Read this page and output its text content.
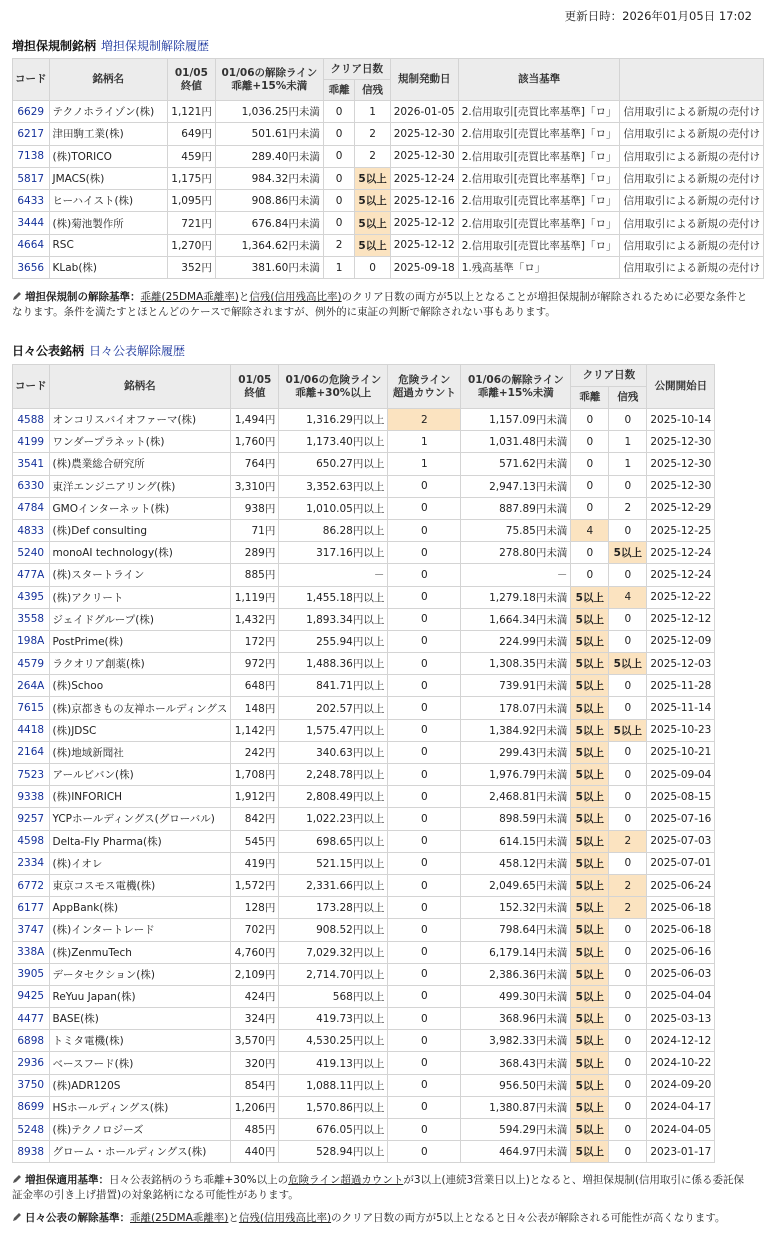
更新日時：2026年01月05日 17:02
増担保規制銘柄 増担保規制解除履歴
コード	銘柄名	01/05
終値	01/06の解除ライン
乖離+15%未満	クリア日数		規制発動日	該当基準	
				乖離	信残			
6629	テクノホライゾン(株)	1,121円	1,036.25円未満	0	1	2026-01-05	2.信用取引[売買比率基準]「ロ」	信用取引による新規の売付け
6217	津田駒工業(株)	649円	501.61円未満	0	2	2025-12-30	2.信用取引[売買比率基準]「ロ」	信用取引による新規の売付け
7138	(株)TORICO	459円	289.40円未満	0	2	2025-12-30	2.信用取引[売買比率基準]「ロ」	信用取引による新規の売付け
5817	JMACS(株)	1,175円	984.32円未満	0	5以上	2025-12-24	2.信用取引[売買比率基準]「ロ」	信用取引による新規の売付け
6433	ヒーハイスト(株)	1,095円	908.86円未満	0	5以上	2025-12-16	2.信用取引[売買比率基準]「ロ」	信用取引による新規の売付け
3444	(株)菊池製作所	721円	676.84円未満	0	5以上	2025-12-12	2.信用取引[売買比率基準]「ロ」	信用取引による新規の売付け
4664	RSC	1,270円	1,364.62円未満	2	5以上	2025-12-12	2.信用取引[売買比率基準]「ロ」	信用取引による新規の売付け
3656	KLab(株)	352円	381.60円未満	1	0	2025-09-18	1.残高基準「ロ」	信用取引による新規の売付け
増担保規制の解除基準：乖離(25DMA乖離率)と信残(信用残高比率)のクリア日数の両方が5以上となることが増担保規制が解除されるために必要な条件となります。条件を満たすとほとんどのケースで解除されますが、例外的に東証の判断で解除されない事もあります。
日々公表銘柄 日々公表解除履歴
コード	銘柄名	01/05
終値	01/06の危険ライン
乖離+30%以上	危険ライン
超過カウント	01/06の解除ライン
乖離+15%未満	クリア日数		公開開始日
						乖離	信残	
4588	オンコリスバイオファーマ(株)	1,494円	1,316.29円以上	2	1,157.09円未満	0	0	2025-10-14
4199	ワンダープラネット(株)	1,760円	1,173.40円以上	1	1,031.48円未満	0	1	2025-12-30
3541	(株)農業総合研究所	764円	650.27円以上	1	571.62円未満	0	1	2025-12-30
6330	東洋エンジニアリング(株)	3,310円	3,352.63円以上	0	2,947.13円未満	0	0	2025-12-30
4784	GMOインターネット(株)	938円	1,010.05円以上	0	887.89円未満	0	2	2025-12-29
4833	(株)Def consulting	71円	86.28円以上	0	75.85円未満	4	0	2025-12-25
5240	monoAI technology(株)	289円	317.16円以上	0	278.80円未満	0	5以上	2025-12-24
477A	(株)スタートライン	885円	－	0	－	0	0	2025-12-24
4395	(株)アクリート	1,119円	1,455.18円以上	0	1,279.18円未満	5以上	4	2025-12-22
3558	ジェイドグループ(株)	1,432円	1,893.34円以上	0	1,664.34円未満	5以上	0	2025-12-12
198A	PostPrime(株)	172円	255.94円以上	0	224.99円未満	5以上	0	2025-12-09
4579	ラクオリア創薬(株)	972円	1,488.36円以上	0	1,308.35円未満	5以上	5以上	2025-12-03
264A	(株)Schoo	648円	841.71円以上	0	739.91円未満	5以上	0	2025-11-28
7615	(株)京都きもの友禅ホールディングス	148円	202.57円以上	0	178.07円未満	5以上	0	2025-11-14
4418	(株)JDSC	1,142円	1,575.47円以上	0	1,384.92円未満	5以上	5以上	2025-10-23
2164	(株)地域新聞社	242円	340.63円以上	0	299.43円未満	5以上	0	2025-10-21
7523	アールビバン(株)	1,708円	2,248.78円以上	0	1,976.79円未満	5以上	0	2025-09-04
9338	(株)INFORICH	1,912円	2,808.49円以上	0	2,468.81円未満	5以上	0	2025-08-15
9257	YCPホールディングス(グローバル)	842円	1,022.23円以上	0	898.59円未満	5以上	0	2025-07-16
4598	Delta-Fly Pharma(株)	545円	698.65円以上	0	614.15円未満	5以上	2	2025-07-03
2334	(株)イオレ	419円	521.15円以上	0	458.12円未満	5以上	0	2025-07-01
6772	東京コスモス電機(株)	1,572円	2,331.66円以上	0	2,049.65円未満	5以上	2	2025-06-24
6177	AppBank(株)	128円	173.28円以上	0	152.32円未満	5以上	2	2025-06-18
3747	(株)インタートレード	702円	908.52円以上	0	798.64円未満	5以上	0	2025-06-18
338A	(株)ZenmuTech	4,760円	7,029.32円以上	0	6,179.14円未満	5以上	0	2025-06-16
3905	データセクション(株)	2,109円	2,714.70円以上	0	2,386.36円未満	5以上	0	2025-06-03
9425	ReYuu Japan(株)	424円	568円以上	0	499.30円未満	5以上	0	2025-04-04
4477	BASE(株)	324円	419.73円以上	0	368.96円未満	5以上	0	2025-03-13
6898	トミタ電機(株)	3,570円	4,530.25円以上	0	3,982.33円未満	5以上	0	2024-12-12
2936	ベースフード(株)	320円	419.13円以上	0	368.43円未満	5以上	0	2024-10-22
3750	(株)ADR120S	854円	1,088.11円以上	0	956.50円未満	5以上	0	2024-09-20
8699	HSホールディングス(株)	1,206円	1,570.86円以上	0	1,380.87円未満	5以上	0	2024-04-17
5248	(株)テクノロジーズ	485円	676.05円以上	0	594.29円未満	5以上	0	2024-04-05
8938	グローム・ホールディングス(株)	440円	528.94円以上	0	464.97円未満	5以上	0	2023-01-17
増担保適用基準：日々公表銘柄のうち乖離+30%以上の危険ライン超過カウントが3以上(連続3営業日以上)となると、増担保規制(信用取引に係る委託保証金率の引き上げ措置)の対象銘柄になる可能性があります。
日々公表の解除基準：乖離(25DMA乖離率)と信残(信用残高比率)のクリア日数の両方が5以上となると日々公表が解除される可能性が高くなります。
